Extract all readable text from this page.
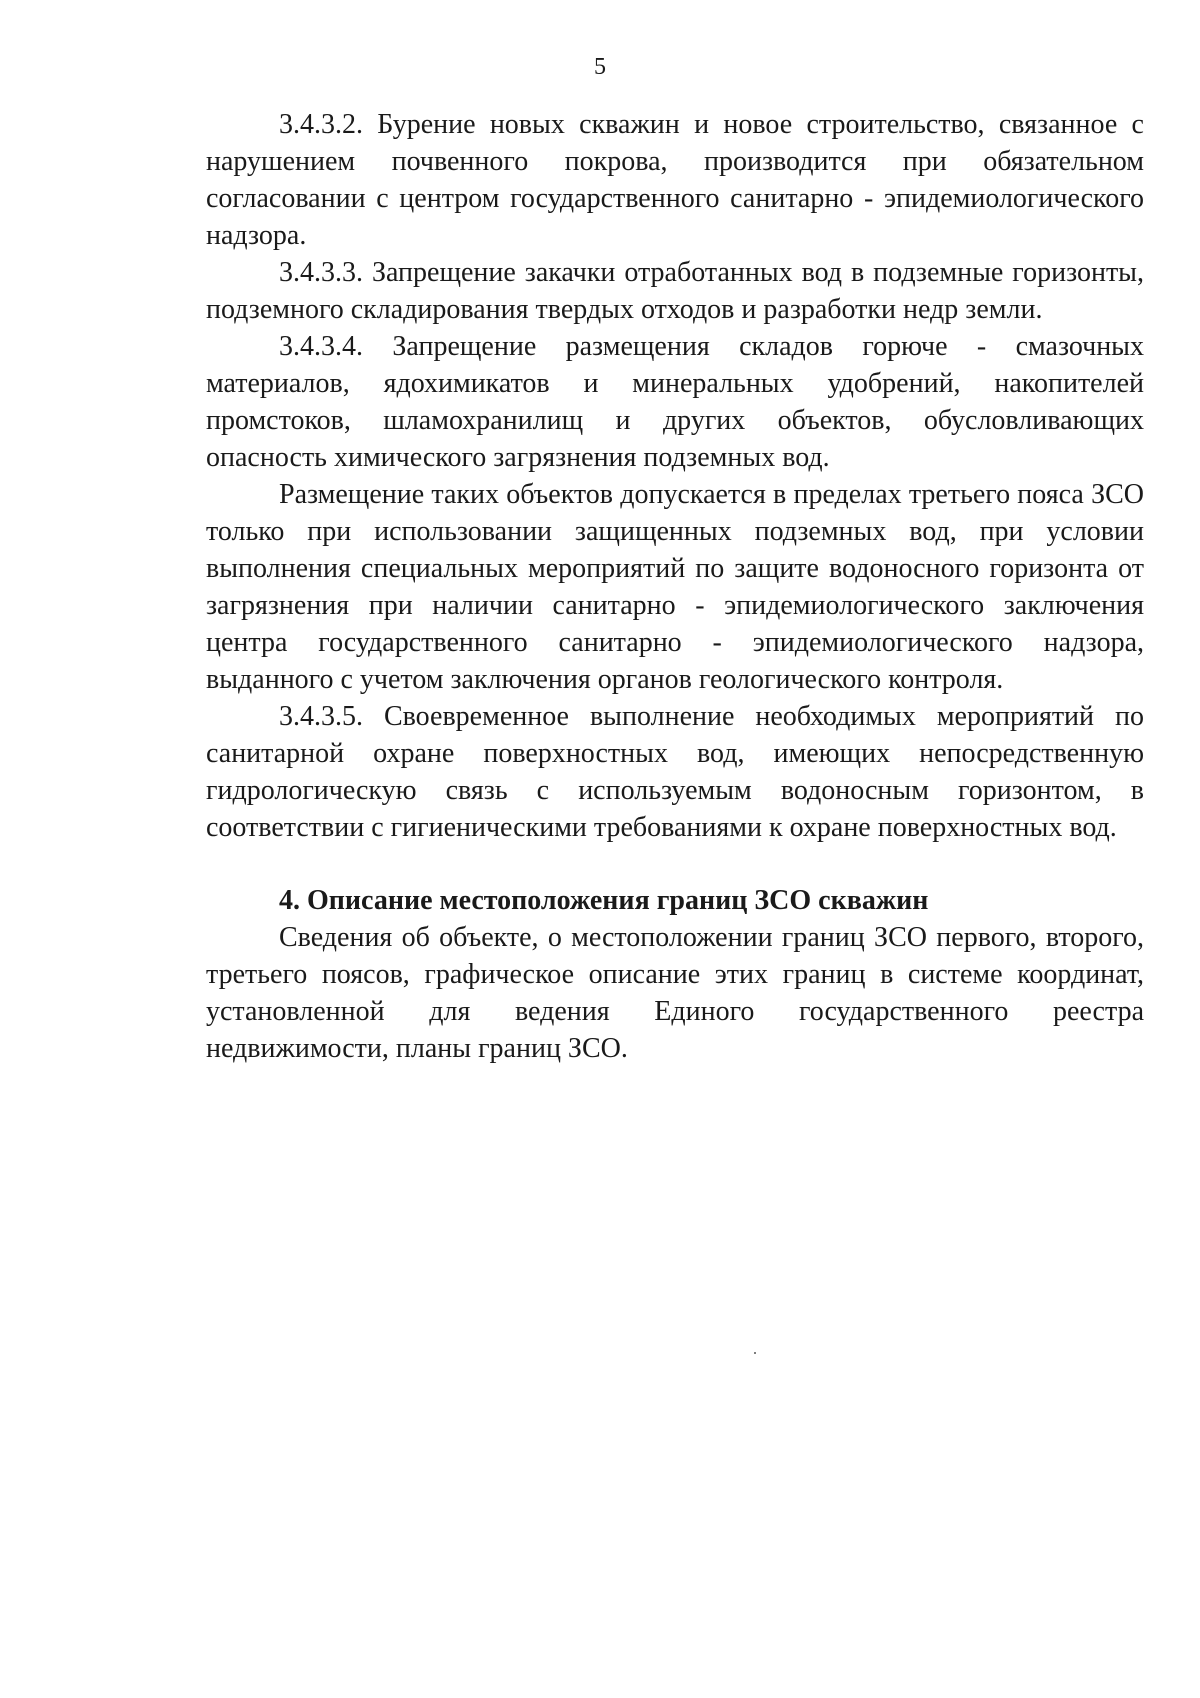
5

3.4.3.2. Бурение новых скважин и новое строительство, связанное с нарушением почвенного покрова, производится при обязательном согласовании с центром государственного санитарно - эпидемиологического надзора.

3.4.3.3. Запрещение закачки отработанных вод в подземные горизонты, подземного складирования твердых отходов и разработки недр земли.

3.4.3.4. Запрещение размещения складов горюче - смазочных материалов, ядохимикатов и минеральных удобрений, накопителей промстоков, шламохранилищ и других объектов, обусловливающих опасность химического загрязнения подземных вод.

Размещение таких объектов допускается в пределах третьего пояса ЗСО только при использовании защищенных подземных вод, при условии выполнения специальных мероприятий по защите водоносного горизонта от загрязнения при наличии санитарно - эпидемиологического заключения центра государственного санитарно - эпидемиологического надзора, выданного с учетом заключения органов геологического контроля.

3.4.3.5. Своевременное выполнение необходимых мероприятий по санитарной охране поверхностных вод, имеющих непосредственную гидрологическую связь с используемым водоносным горизонтом, в соответствии с гигиеническими требованиями к охране поверхностных вод.

4. Описание местоположения границ ЗСО скважин

Сведения об объекте, о местоположении границ ЗСО первого, второго, третьего поясов, графическое описание этих границ в системе координат, установленной для ведения Единого государственного реестра недвижимости, планы границ ЗСО.
